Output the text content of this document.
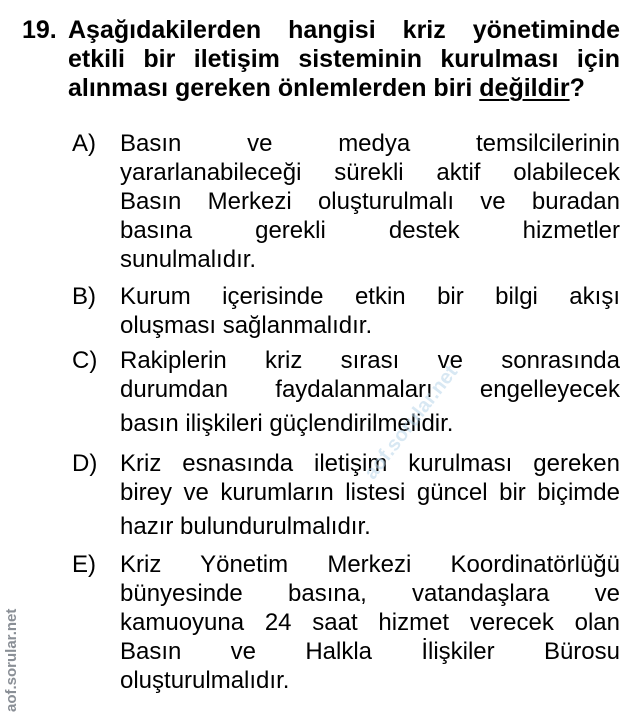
19. Aşağıdakilerden hangisi kriz yönetiminde
etkili bir iletişim sisteminin kurulması için
alınması gereken önlemlerden biri değildir?
A) Basın ve medya temsilcilerinin
yararlanabileceği sürekli aktif olabilecek
Basın Merkezi oluşturulmalı ve buradan
basına gerekli destek hizmetler
sunulmalıdır.
B) Kurum içerisinde etkin bir bilgi akışı
oluşması sağlanmalıdır.
C) Rakiplerin kriz sırası ve sonrasında
durumdan faydalanmaları engelleyecek
basın ilişkileri güçlendirilmelidir.
D) Kriz esnasında iletişim kurulması gereken
birey ve kurumların listesi güncel bir biçimde
hazır bulundurulmalıdır.
E) Kriz Yönetim Merkezi Koordinatörlüğü
bünyesinde basına, vatandaşlara ve
kamuoyuna 24 saat hizmet verecek olan
Basın ve Halkla İlişkiler Bürosu
oluşturulmalıdır.
aof.sorular.net
aof.sorular.net
